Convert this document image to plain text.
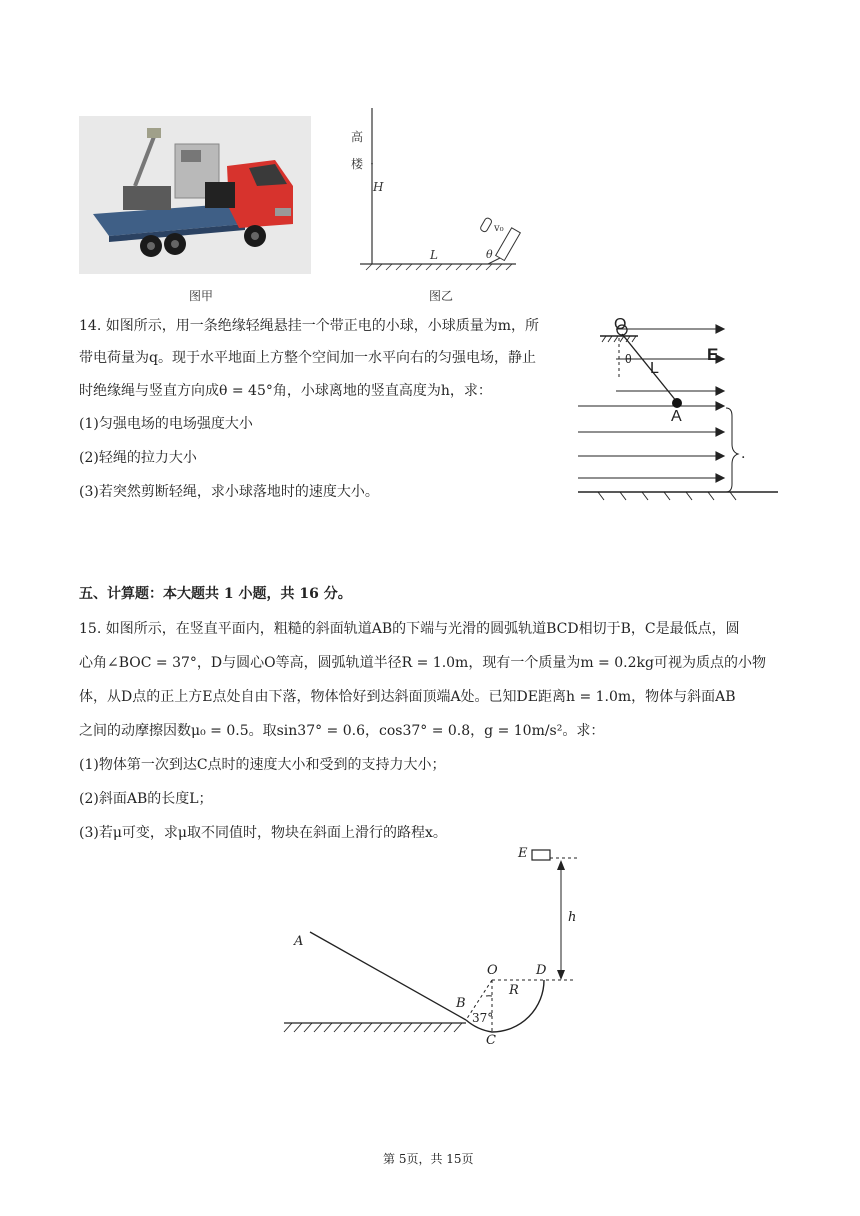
图甲
-
高
楼
H
L	θ
v₀
图乙
14. 如图所示，用一条绝缘轻绳悬挂一个带正电的小球，小球质量为m，所
带电荷量为q。现于水平地面上方整个空间加一水平向右的匀强电场，静止
时绝缘绳与竖直方向成θ = 45°角，小球离地的竖直高度为h，求：
(1)匀强电场的电场强度大小
(2)轻绳的拉力大小
(3)若突然剪断轻绳，求小球落地时的速度大小。
O
θ
L
E
A
.
五、计算题：本大题共 1 小题，共 16 分。
15. 如图所示，在竖直平面内，粗糙的斜面轨道AB的下端与光滑的圆弧轨道BCD相切于B，C是最低点，圆
心角∠BOC = 37°，D与圆心O等高，圆弧轨道半径R = 1.0m，现有一个质量为m = 0.2kg可视为质点的小物
体，从D点的正上方E点处自由下落，物体恰好到达斜面顶端A处。已知DE距离h = 1.0m，物体与斜面AB
之间的动摩擦因数μ₀ = 0.5。取sin37° = 0.6，cos37° = 0.8，g = 10m/s²。求：
(1)物体第一次到达C点时的速度大小和受到的支持力大小；
(2)斜面AB的长度L；
(3)若μ可变，求μ取不同值时，物块在斜面上滑行的路程x。
E
h
A
O	D
R
B
37°
C
第 5页，共 15页
